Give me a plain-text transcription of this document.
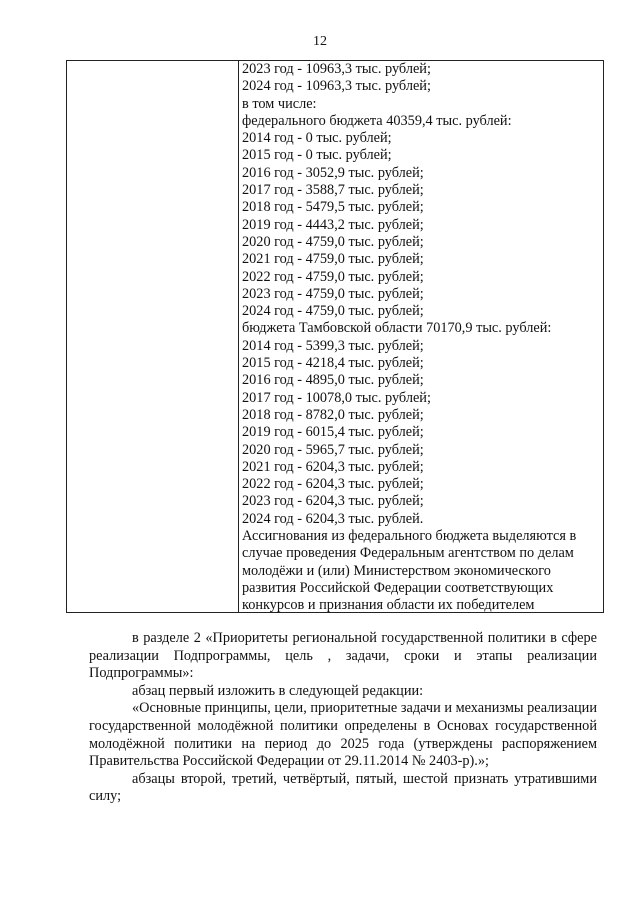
12
2023 год - 10963,3 тыс. рублей;
2024 год - 10963,3 тыс. рублей;
в том числе:
федерального бюджета 40359,4 тыс. рублей:
2014 год - 0 тыс. рублей;
2015 год - 0 тыс. рублей;
2016 год - 3052,9 тыс. рублей;
2017 год - 3588,7 тыс. рублей;
2018 год - 5479,5 тыс. рублей;
2019 год - 4443,2 тыс. рублей;
2020 год - 4759,0 тыс. рублей;
2021 год - 4759,0 тыс. рублей;
2022 год - 4759,0 тыс. рублей;
2023 год - 4759,0 тыс. рублей;
2024 год - 4759,0 тыс. рублей;
бюджета Тамбовской области 70170,9 тыс. рублей:
2014 год - 5399,3 тыс. рублей;
2015 год - 4218,4 тыс. рублей;
2016 год - 4895,0 тыс. рублей;
2017 год - 10078,0 тыс. рублей;
2018 год - 8782,0 тыс. рублей;
2019 год - 6015,4 тыс. рублей;
2020 год - 5965,7 тыс. рублей;
2021 год - 6204,3 тыс. рублей;
2022 год - 6204,3 тыс. рублей;
2023 год - 6204,3 тыс. рублей;
2024 год - 6204,3 тыс. рублей.
Ассигнования из федерального бюджета выделяются в случае проведения Федеральным агентством по делам молодёжи и (или) Министерством экономического развития Российской Федерации соответствующих конкурсов и признания области их победителем

в разделе 2 «Приоритеты региональной государственной политики в сфере реализации Подпрограммы, цель , задачи, сроки и этапы реализации Подпрограммы»:

абзац первый изложить в следующей редакции:

«Основные принципы, цели, приоритетные задачи и механизмы реализации государственной молодёжной политики определены в Основах государственной молодёжной политики на период до 2025 года (утверждены распоряжением Правительства Российской Федерации от 29.11.2014 № 2403-р).»;

абзацы второй, третий, четвёртый, пятый, шестой признать утратившими силу;
